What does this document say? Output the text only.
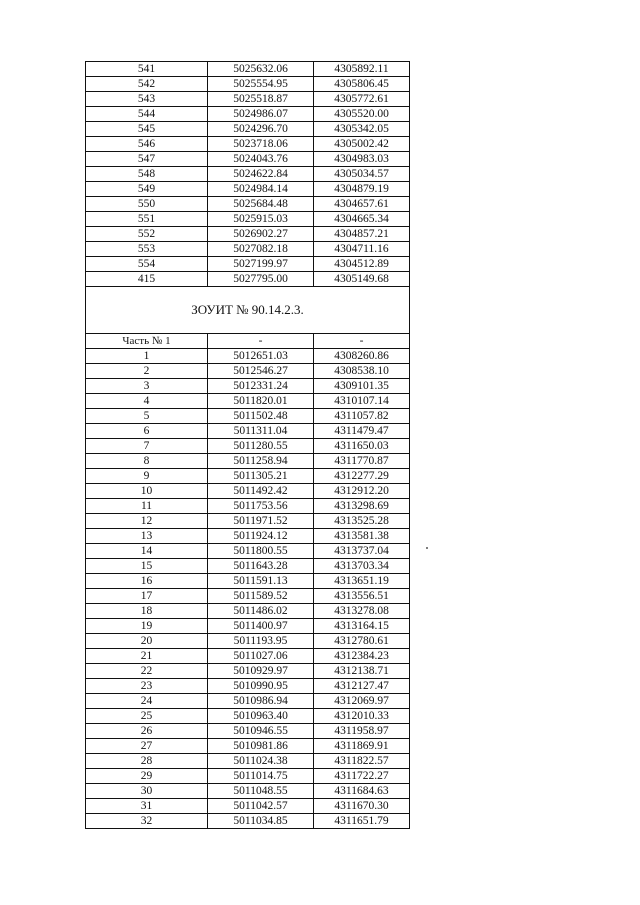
541	5025632.06	4305892.11
542	5025554.95	4305806.45
543	5025518.87	4305772.61
544	5024986.07	4305520.00
545	5024296.70	4305342.05
546	5023718.06	4305002.42
547	5024043.76	4304983.03
548	5024622.84	4305034.57
549	5024984.14	4304879.19
550	5025684.48	4304657.61
551	5025915.03	4304665.34
552	5026902.27	4304857.21
553	5027082.18	4304711.16
554	5027199.97	4304512.89
415	5027795.00	4305149.68
ЗОУИТ № 90.14.2.3.		
Часть № 1	-	-
1	5012651.03	4308260.86
2	5012546.27	4308538.10
3	5012331.24	4309101.35
4	5011820.01	4310107.14
5	5011502.48	4311057.82
6	5011311.04	4311479.47
7	5011280.55	4311650.03
8	5011258.94	4311770.87
9	5011305.21	4312277.29
10	5011492.42	4312912.20
11	5011753.56	4313298.69
12	5011971.52	4313525.28
13	5011924.12	4313581.38
14	5011800.55	4313737.04
15	5011643.28	4313703.34
16	5011591.13	4313651.19
17	5011589.52	4313556.51
18	5011486.02	4313278.08
19	5011400.97	4313164.15
20	5011193.95	4312780.61
21	5011027.06	4312384.23
22	5010929.97	4312138.71
23	5010990.95	4312127.47
24	5010986.94	4312069.97
25	5010963.40	4312010.33
26	5010946.55	4311958.97
27	5010981.86	4311869.91
28	5011024.38	4311822.57
29	5011014.75	4311722.27
30	5011048.55	4311684.63
31	5011042.57	4311670.30
32	5011034.85	4311651.79
